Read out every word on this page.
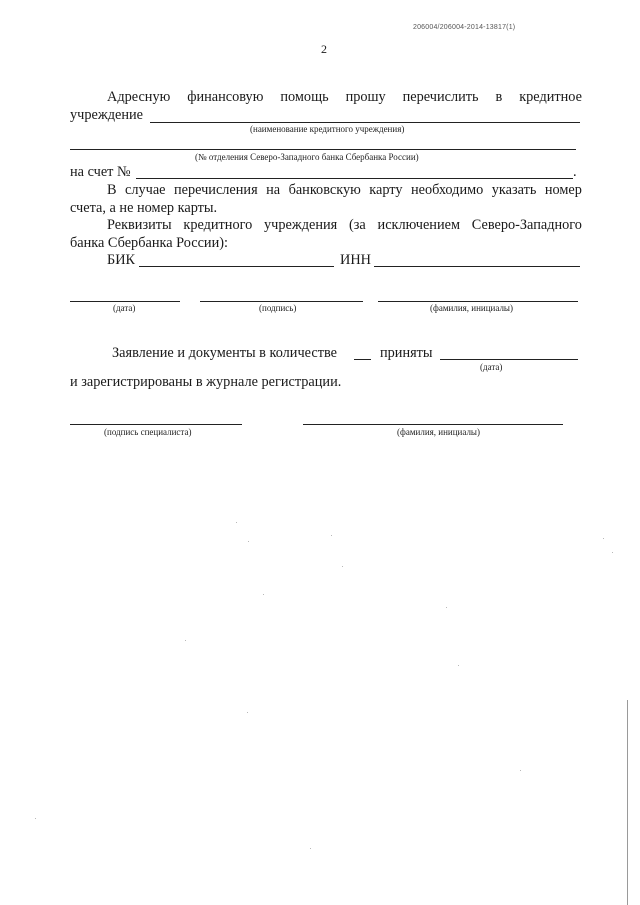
206004/206004-2014-13817(1)
2
Адресную финансовую помощь прошу перечислить в кредитное
учреждение
(наименование кредитного учреждения)
(№ отделения Северо-Западного банка Сбербанка России)
на счет №	.
В случае перечисления на банковскую карту необходимо указать номер
счета, а не номер карты.
Реквизиты кредитного учреждения (за исключением Северо-Западного
банка Сбербанка России):
БИК	ИНН
(дата)	(подпись)	(фамилия, инициалы)
Заявление и документы в количестве	приняты
(дата)
и зарегистрированы в журнале регистрации.
(подпись специалиста)	(фамилия, инициалы)
